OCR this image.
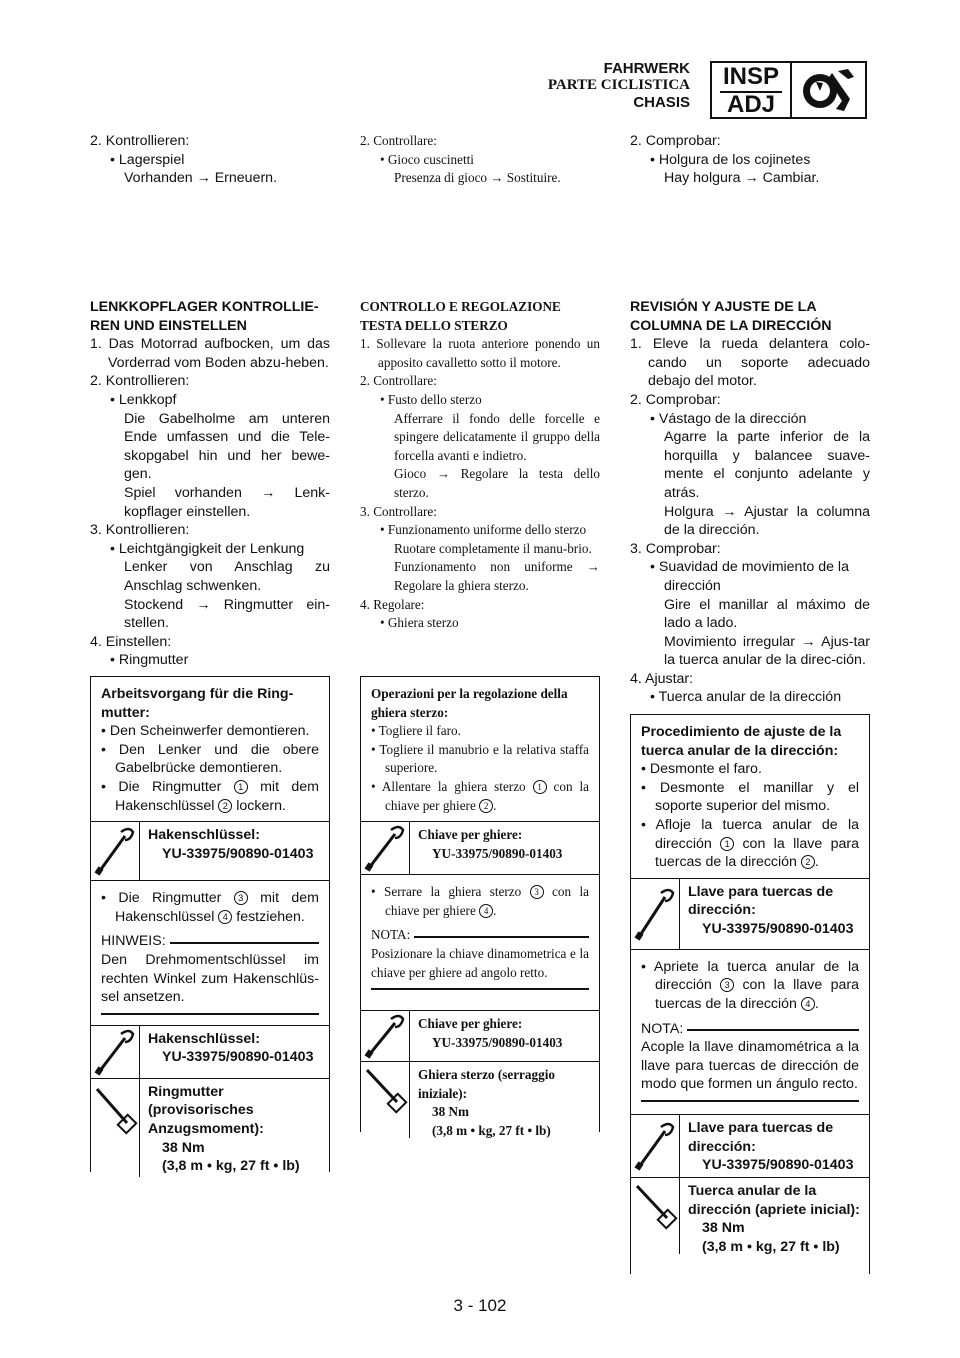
FAHRWERK
PARTE CICLISTICA
CHASIS
INSP
ADJ
2. Kontrollieren:
• Lagerspiel
Vorhanden → Erneuern.
LENKKOPFLAGER KONTROLLIE-REN UND EINSTELLEN
1. Das Motorrad aufbocken, um das Vorderrad vom Boden abzu-heben.
2. Kontrollieren:
• Lenkkopf
Die Gabelholme am unteren Ende umfassen und die Tele-skopgabel hin und her bewe-gen.
Spiel vorhanden → Lenk-kopflager einstellen.
3. Kontrollieren:
• Leichtgängigkeit der Lenkung
Lenker von Anschlag zu Anschlag schwenken.
Stockend → Ringmutter ein-stellen.
4. Einstellen:
• Ringmutter
Arbeitsvorgang für die Ring-mutter:
• Den Scheinwerfer demontieren.
• Den Lenker und die obere Gabelbrücke demontieren.
• Die Ringmutter 1 mit dem Hakenschlüssel 2 lockern.
Hakenschlüssel:
YU-33975/90890-01403
• Die Ringmutter 3 mit dem Hakenschlüssel 4 festziehen.
HINWEIS:
Den Drehmomentschlüssel im rechten Winkel zum Hakenschlüs-sel ansetzen.
Hakenschlüssel:
YU-33975/90890-01403
Ringmutter (provisorisches Anzugsmoment):
38 Nm
(3,8 m • kg, 27 ft • lb)
2. Controllare:
• Gioco cuscinetti
Presenza di gioco → Sostituire.
CONTROLLO E REGOLAZIONE TESTA DELLO STERZO
1. Sollevare la ruota anteriore ponendo un apposito cavalletto sotto il motore.
2. Controllare:
• Fusto dello sterzo
Afferrare il fondo delle forcelle e spingere delicatamente il gruppo della forcella avanti e indietro.
Gioco → Regolare la testa dello sterzo.
3. Controllare:
• Funzionamento uniforme dello sterzo
Ruotare completamente il manu-brio.
Funzionamento non uniforme → Regolare la ghiera sterzo.
4. Regolare:
• Ghiera sterzo
Operazioni per la regolazione della ghiera sterzo:
• Togliere il faro.
• Togliere il manubrio e la relativa staffa superiore.
• Allentare la ghiera sterzo 1 con la chiave per ghiere 2 .
Chiave per ghiere:
YU-33975/90890-01403
• Serrare la ghiera sterzo 3 con la chiave per ghiere 4 .
NOTA:
Posizionare la chiave dinamometrica e la chiave per ghiere ad angolo retto.
Chiave per ghiere:
YU-33975/90890-01403
Ghiera sterzo (serraggio iniziale):
38 Nm
(3,8 m • kg, 27 ft • lb)
2. Comprobar:
• Holgura de los cojinetes
Hay holgura → Cambiar.
REVISIÓN Y AJUSTE DE LA COLUMNA DE LA DIRECCIÓN
1. Eleve la rueda delantera colo-cando un soporte adecuado debajo del motor.
2. Comprobar:
• Vástago de la dirección
Agarre la parte inferior de la horquilla y balancee suave-mente el conjunto adelante y atrás.
Holgura → Ajustar la columna de la dirección.
3. Comprobar:
• Suavidad de movimiento de la dirección
Gire el manillar al máximo de lado a lado.
Movimiento irregular → Ajus-tar la tuerca anular de la direc-ción.
4. Ajustar:
• Tuerca anular de la dirección
Procedimiento de ajuste de la tuerca anular de la dirección:
• Desmonte el faro.
• Desmonte el manillar y el soporte superior del mismo.
• Afloje la tuerca anular de la dirección 1 con la llave para tuercas de la dirección 2 .
Llave para tuercas de dirección:
YU-33975/90890-01403
• Apriete la tuerca anular de la dirección 3 con la llave para tuercas de la dirección 4 .
NOTA:
Acople la llave dinamométrica a la llave para tuercas de dirección de modo que formen un ángulo recto.
Llave para tuercas de dirección:
YU-33975/90890-01403
Tuerca anular de la dirección (apriete inicial):
38 Nm
(3,8 m • kg, 27 ft • lb)
3 - 102
